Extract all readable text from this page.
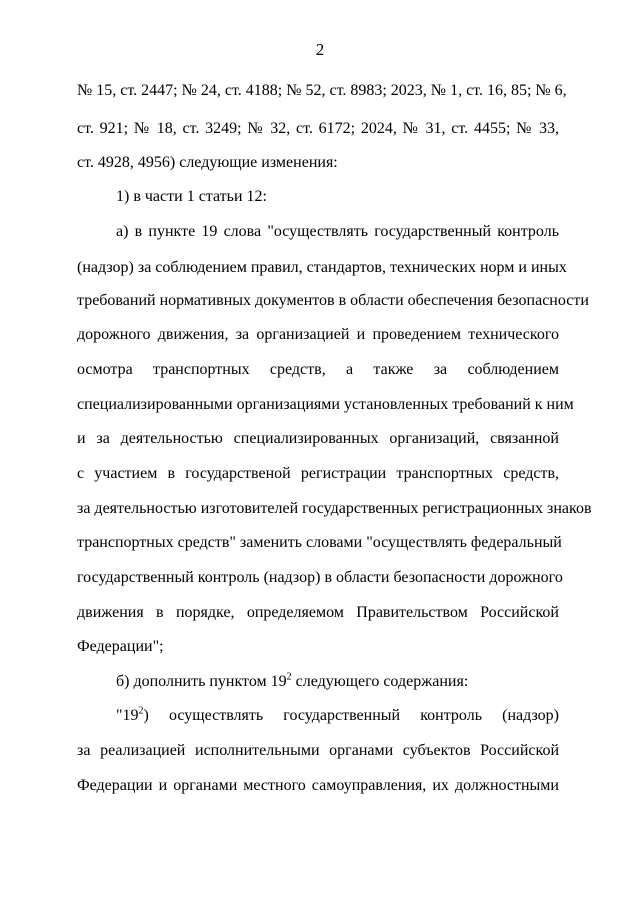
2
№ 15, ст. 2447; № 24, ст. 4188; № 52, ст. 8983; 2023, № 1, ст. 16, 85; № 6,
ст. 921; № 18, ст. 3249; № 32, ст. 6172; 2024, № 31, ст. 4455; № 33,
ст. 4928, 4956) следующие изменения:
1) в части 1 статьи 12:
а) в пункте 19 слова "осуществлять государственный контроль
(надзор) за соблюдением правил, стандартов, технических норм и иных
требований нормативных документов в области обеспечения безопасности
дорожного движения, за организацией и проведением технического
осмотра транспортных средств, а также за соблюдением
специализированными организациями установленных требований к ним
и за деятельностью специализированных организаций, связанной
с участием в государственой регистрации транспортных средств,
за деятельностью изготовителей государственных регистрационных знаков
транспортных средств" заменить словами "осуществлять федеральный
государственный контроль (надзор) в области безопасности дорожного
движения в порядке, определяемом Правительством Российской
Федерации";
б) дополнить пунктом $19^2$ следующего содержания:
"$19^2$) осуществлять государственный контроль (надзор)
за реализацией исполнительными органами субъектов Российской
Федерации и органами местного самоуправления, их должностными
